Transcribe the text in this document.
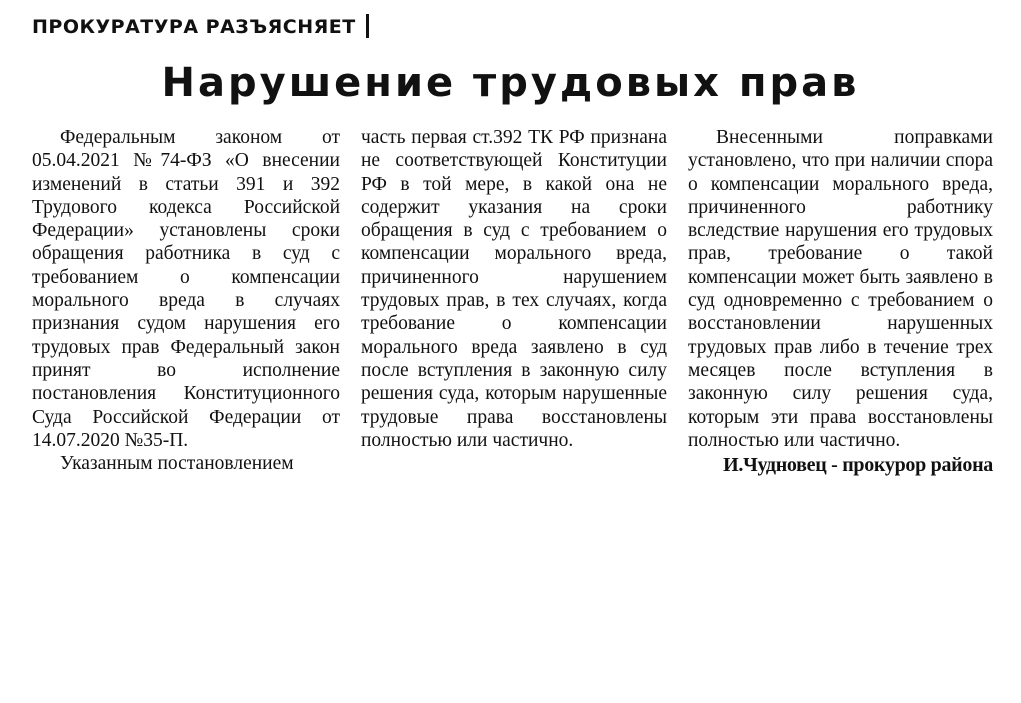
ПРОКУРАТУРА РАЗЪЯСНЯЕТ
Нарушение трудовых прав

Федеральным законом от 05.04.2021 №74-ФЗ «О внесении изменений в статьи 391 и 392 Трудового кодекса Российской Федерации» установлены сроки обращения работника в суд с требованием о компенсации морального вреда в случаях признания судом нарушения его трудовых прав Федеральный закон принят во исполнение постановления Конституционного Суда Российской Федерации от 14.07.2020 №35-П.

Указанным постановлением

часть первая ст.392 ТК РФ признана не соответствующей Конституции РФ в той мере, в какой она не содержит указания на сроки обращения в суд с требованием о компенсации морального вреда, причиненного нарушением трудовых прав, в тех случаях, когда требование о компенсации морального вреда заявлено в суд после вступления в законную силу решения суда, которым нарушенные трудовые права восстановлены полностью или частично.

Внесенными поправками установлено, что при наличии спора о компенсации морального вреда, причиненного работнику вследствие нарушения его трудовых прав, требование о такой компенсации может быть заявлено в суд одновременно с требованием о восстановлении нарушенных трудовых прав либо в течение трех месяцев после вступления в законную силу решения суда, которым эти права восстановлены полностью или частично.

И.Чудновец - прокурор района
